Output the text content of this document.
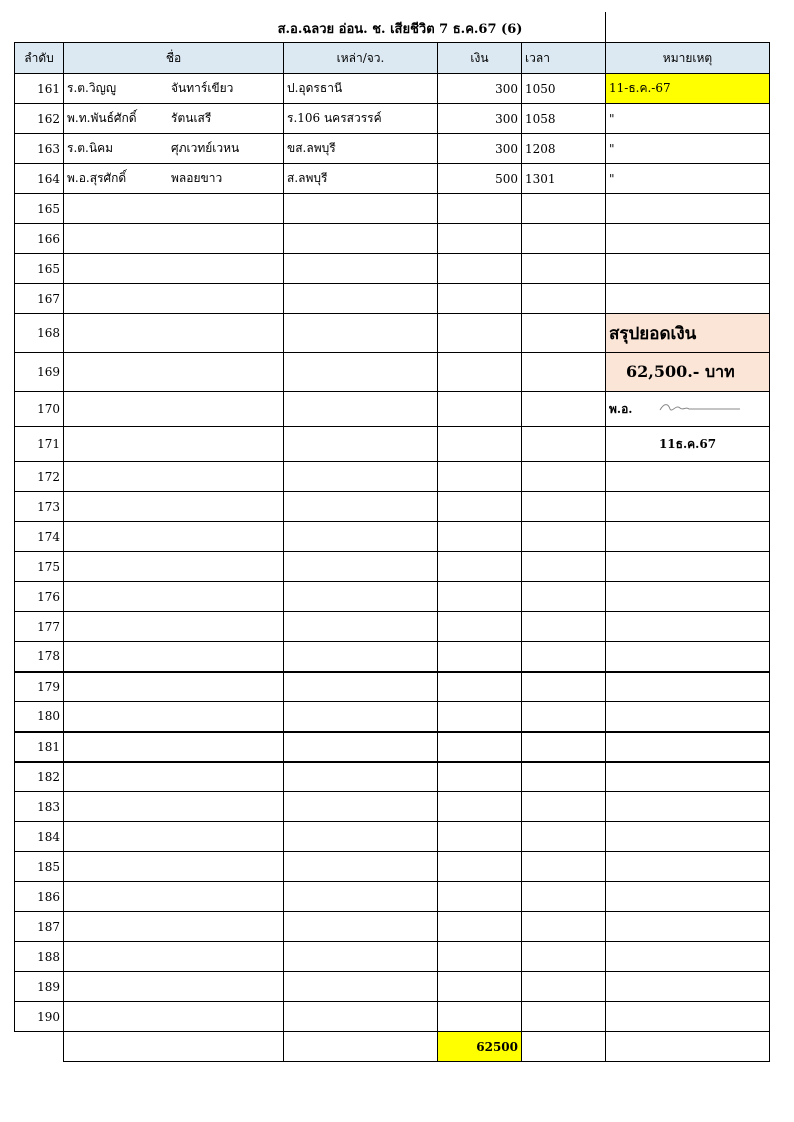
ส.อ.ฉลวย อ่อน. ช. เสียชีวิต 7 ธ.ค.67 (6)
ลำดับ	ชื่อ	เหล่า/จว.	เงิน	เวลา	หมายเหตุ
161	ร.ต.วิญญู จันทาร์เขียว	ป.อุดรธานี	300	1050	11-ธ.ค.-67
162	พ.ท.พันธ์ศักดิ์ รัตนเสรี	ร.106 นครสวรรค์	300	1058	"
163	ร.ต.นิคม ศุภเวทย์เวหน	ขส.ลพบุรี	300	1208	"
164	พ.อ.สุรศักดิ์ พลอยขาว	ส.ลพบุรี	500	1301	"
165					
166					
165					
167					
168					สรุปยอดเงิน
169					62,500.- บาท
170					พ.อ.
171					11ธ.ค.67
172					
173					
174					
175					
176					
177					
178					
179					
180					
181					
182					
183					
184					
185					
186					
187					
188					
189					
190					
			62500		
